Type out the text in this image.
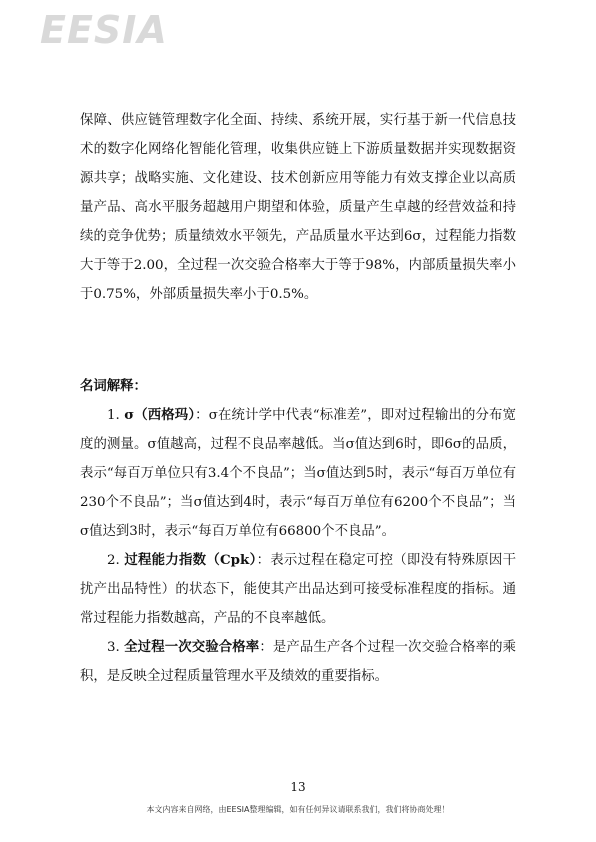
EESIA

保障、供应链管理数字化全面、持续、系统开展，实行基于新一代信息技术的数字化网络化智能化管理，收集供应链上下游质量数据并实现数据资源共享；战略实施、文化建设、技术创新应用等能力有效支撑企业以高质量产品、高水平服务超越用户期望和体验，质量产生卓越的经营效益和持续的竞争优势；质量绩效水平领先，产品质量水平达到6σ，过程能力指数大于等于2.00，全过程一次交验合格率大于等于98%，内部质量损失率小于0.75%，外部质量损失率小于0.5%。

名词解释：

1. σ（西格玛）：σ在统计学中代表“标准差”，即对过程输出的分布宽度的测量。σ值越高，过程不良品率越低。当σ值达到6时，即6σ的品质，表示“每百万单位只有3.4个不良品”；当σ值达到5时，表示“每百万单位有230个不良品”；当σ值达到4时，表示“每百万单位有6200个不良品”；当σ值达到3时，表示“每百万单位有66800个不良品”。

2. 过程能力指数（Cpk）：表示过程在稳定可控（即没有特殊原因干扰产出品特性）的状态下，能使其产出品达到可接受标准程度的指标。通常过程能力指数越高，产品的不良率越低。

3. 全过程一次交验合格率：是产品生产各个过程一次交验合格率的乘积，是反映全过程质量管理水平及绩效的重要指标。

13
本文内容来自网络，由EESIA整理编辑，如有任何异议请联系我们，我们将协商处理！
